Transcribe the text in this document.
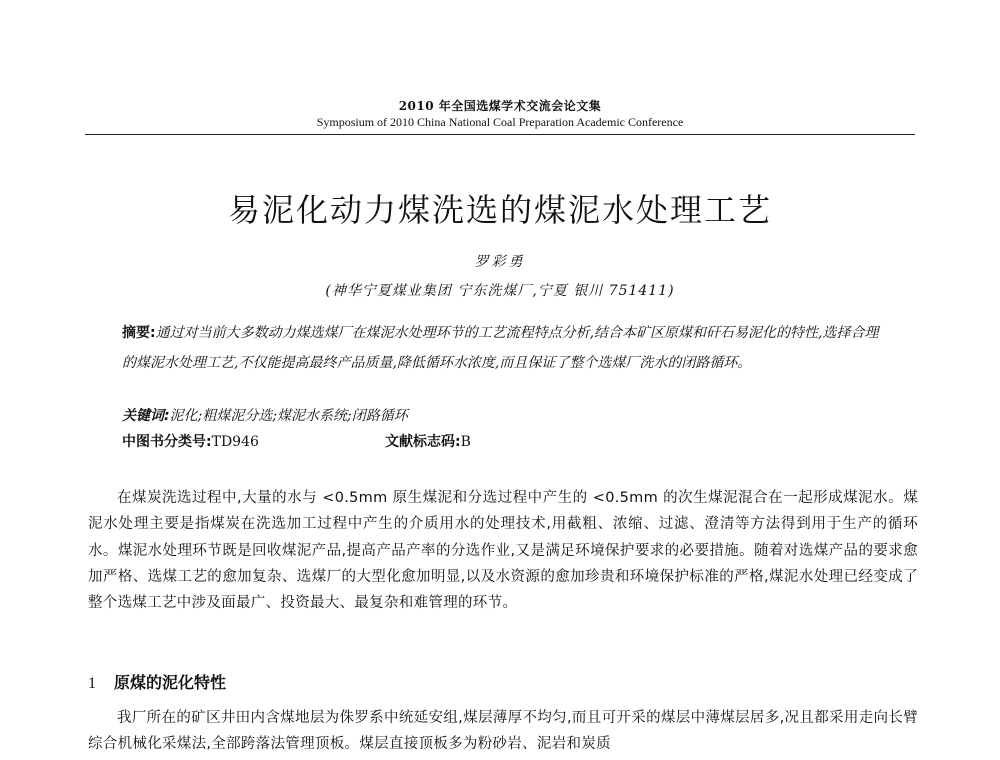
2010 年全国选煤学术交流会论文集
Symposium of 2010 China National Coal Preparation Academic Conference
易泥化动力煤洗选的煤泥水处理工艺
罗彩勇
(神华宁夏煤业集团 宁东洗煤厂,宁夏 银川 751411)
摘要:通过对当前大多数动力煤选煤厂在煤泥水处理环节的工艺流程特点分析,结合本矿区原煤和矸石易泥化的特性,选择合理的煤泥水处理工艺,不仅能提高最终产品质量,降低循环水浓度,而且保证了整个选煤厂洗水的闭路循环。
关键词:泥化;粗煤泥分选;煤泥水系统;闭路循环
中图书分类号:TD946	文献标志码:B
在煤炭洗选过程中,大量的水与 <0.5mm 原生煤泥和分选过程中产生的 <0.5mm 的次生煤泥混合在一起形成煤泥水。煤泥水处理主要是指煤炭在洗选加工过程中产生的介质用水的处理技术,用截粗、浓缩、过滤、澄清等方法得到用于生产的循环水。煤泥水处理环节既是回收煤泥产品,提高产品产率的分选作业,又是满足环境保护要求的必要措施。随着对选煤产品的要求愈加严格、选煤工艺的愈加复杂、选煤厂的大型化愈加明显,以及水资源的愈加珍贵和环境保护标准的严格,煤泥水处理已经变成了整个选煤工艺中涉及面最广、投资最大、最复杂和难管理的环节。
1 原煤的泥化特性
我厂所在的矿区井田内含煤地层为侏罗系中统延安组,煤层薄厚不均匀,而且可开采的煤层中薄煤层居多,况且都采用走向长臂综合机械化采煤法,全部跨落法管理顶板。煤层直接顶板多为粉砂岩、泥岩和炭质
